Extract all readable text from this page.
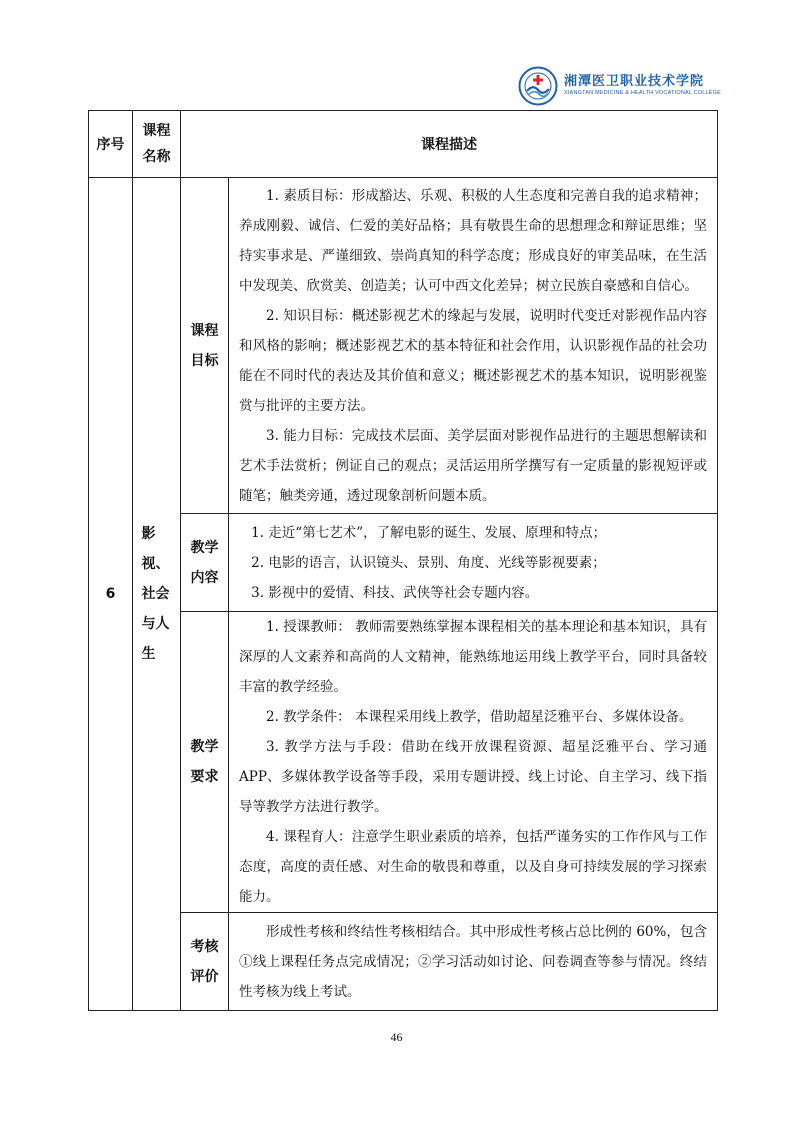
湘潭医卫职业技术学院
XIANGTAN MEDICINE & HEALTH VOCATIONAL COLLEGE
序号	课程名称	课程描述	
6	影视、社会与人生	课程目标	1. 素质目标：形成豁达、乐观、积极的人生态度和完善自我的追求精神；养成刚毅、诚信、仁爱的美好品格；具有敬畏生命的思想理念和辩证思维；坚持实事求是、严谨细致、崇尚真知的科学态度；形成良好的审美品味，在生活中发现美、欣赏美、创造美；认可中西文化差异；树立民族自豪感和自信心。

2. 知识目标：概述影视艺术的缘起与发展，说明时代变迁对影视作品内容和风格的影响；概述影视艺术的基本特征和社会作用，认识影视作品的社会功能在不同时代的表达及其价值和意义；概述影视艺术的基本知识，说明影视鉴赏与批评的主要方法。

3. 能力目标：完成技术层面、美学层面对影视作品进行的主题思想解读和艺术手法赏析；例证自己的观点；灵活运用所学撰写有一定质量的影视短评或随笔；触类旁通，透过现象剖析问题本质。

		教学内容	1. 走近“第七艺术”，了解电影的诞生、发展、原理和特点；

2. 电影的语言，认识镜头、景别、角度、光线等影视要素；

3. 影视中的爱情、科技、武侠等社会专题内容。

		教学要求	1. 授课教师： 教师需要熟练掌握本课程相关的基本理论和基本知识，具有深厚的人文素养和高尚的人文精神，能熟练地运用线上教学平台，同时具备较丰富的教学经验。

2. 教学条件： 本课程采用线上教学，借助超星泛雅平台、多媒体设备。

3. 教学方法与手段：借助在线开放课程资源、超星泛雅平台、学习通 APP、多媒体教学设备等手段，采用专题讲授、线上讨论、自主学习、线下指导等教学方法进行教学。

4. 课程育人：注意学生职业素质的培养，包括严谨务实的工作作风与工作态度，高度的责任感、对生命的敬畏和尊重，以及自身可持续发展的学习探索能力。

		考核评价	形成性考核和终结性考核相结合。其中形成性考核占总比例的 60%，包含①线上课程任务点完成情况；②学习活动如讨论、问卷调查等参与情况。终结性考核为线上考试。

46
